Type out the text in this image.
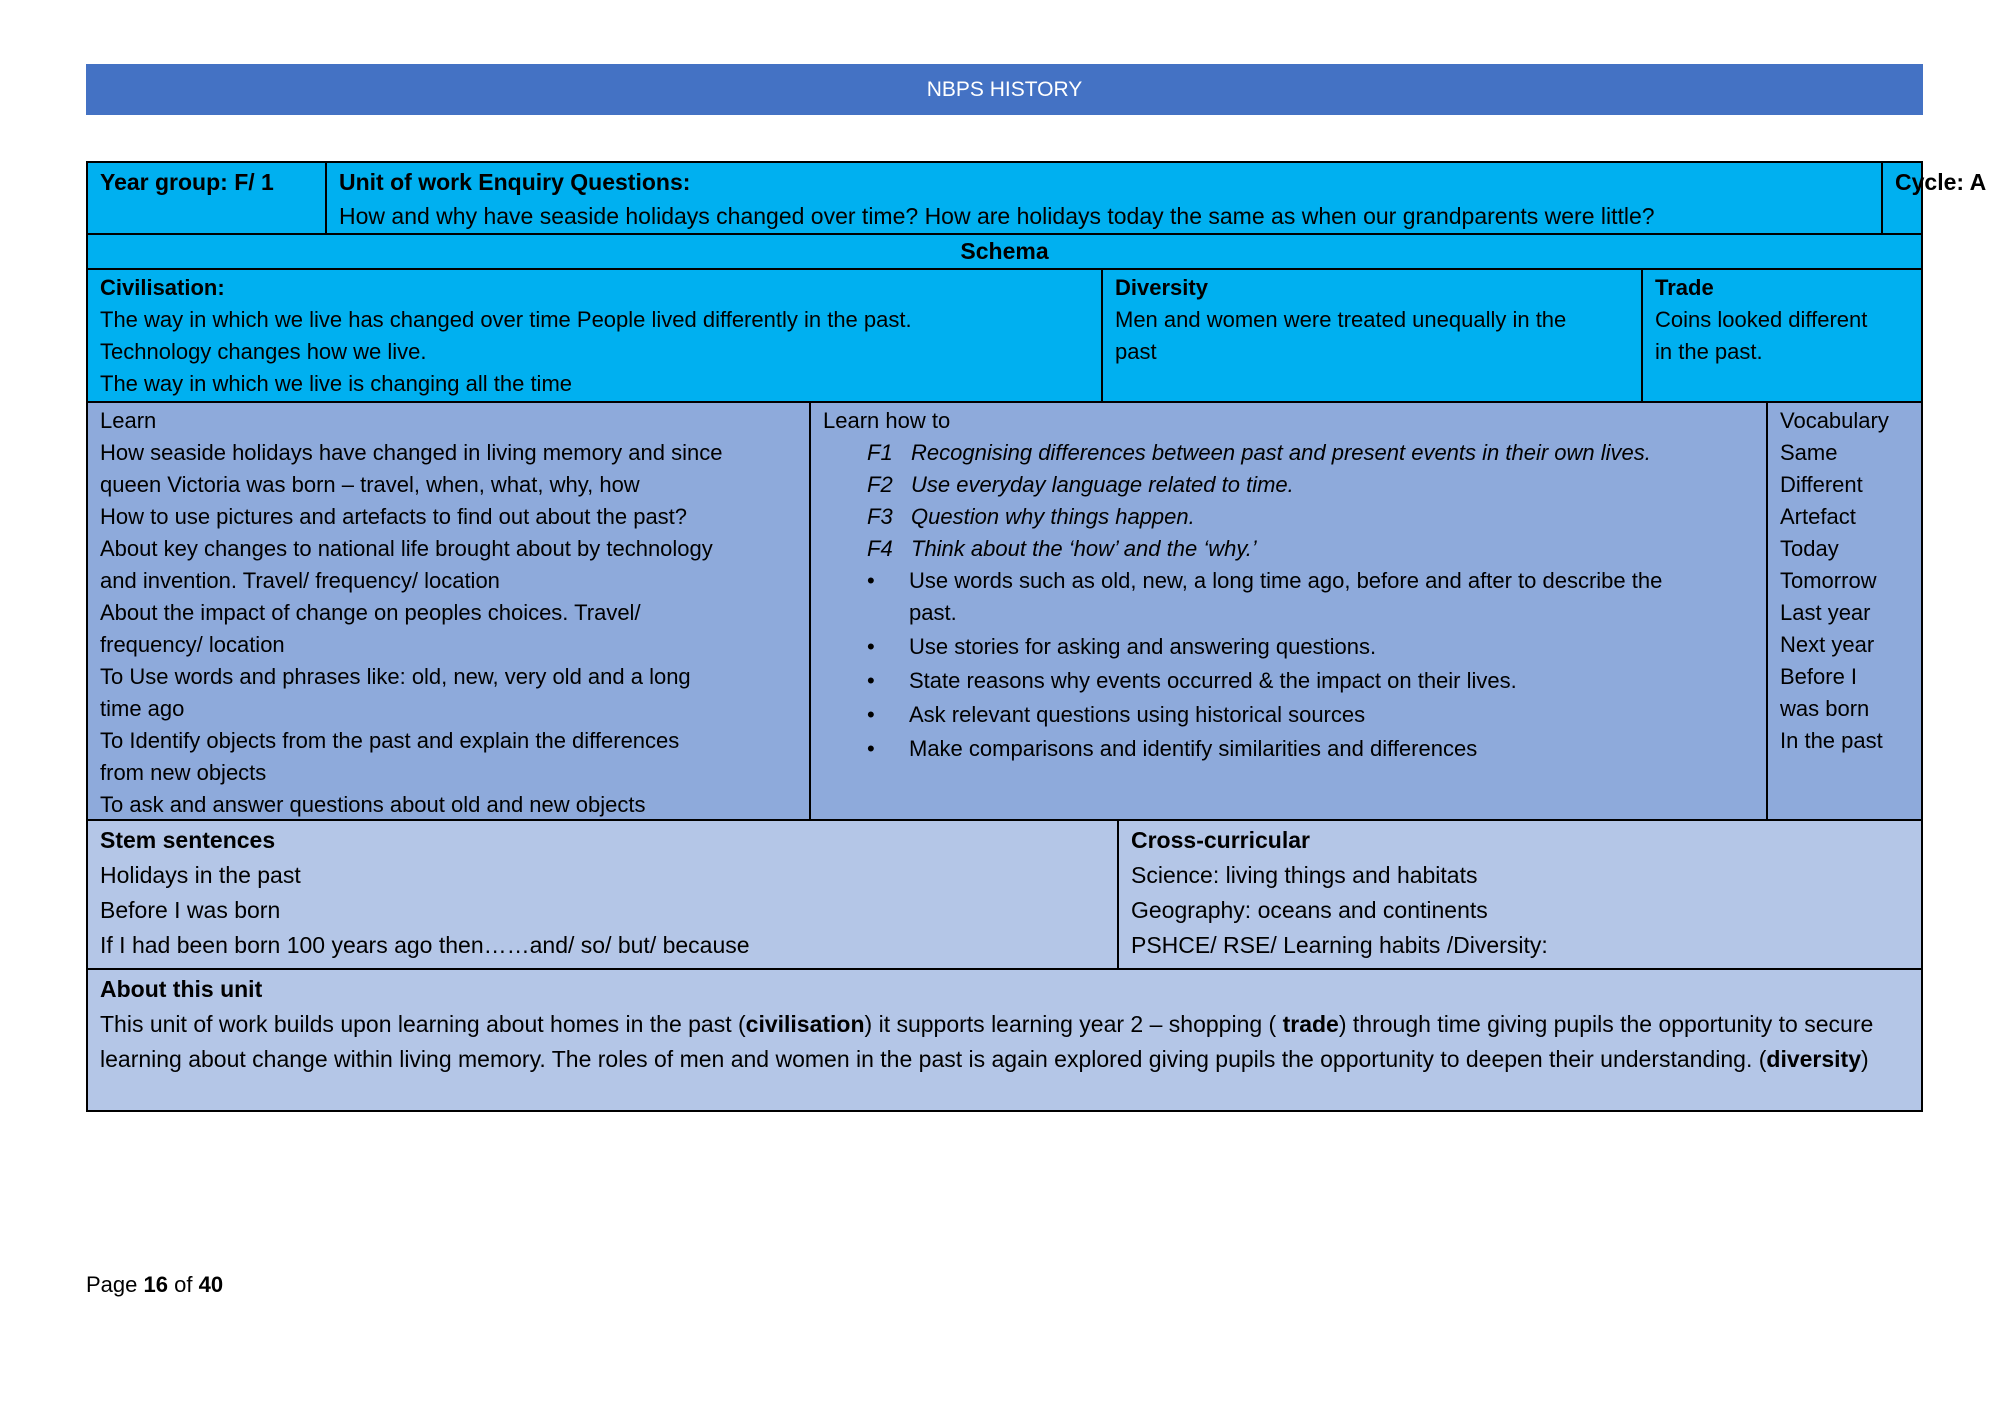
NBPS HISTORY
Year group: F/ 1	Unit of work Enquiry Questions:
How and why have seaside holidays changed over time? How are holidays today the same as when our grandparents were little?
Cycle: A
Schema
Civilisation:
The way in which we live has changed over time People lived differently in the past.
Technology changes how we live.
The way in which we live is changing all the time
Diversity
Men and women were treated unequally in the
past
Trade
Coins looked different
in the past.
Learn
How seaside holidays have changed in living memory and since
queen Victoria was born – travel, when, what, why, how
How to use pictures and artefacts to find out about the past?
About key changes to national life brought about by technology
and invention. Travel/ frequency/ location
About the impact of change on peoples choices. Travel/
frequency/ location
To Use words and phrases like: old, new, very old and a long
time ago
To Identify objects from the past and explain the differences
from new objects
To ask and answer questions about old and new objects
Learn how to
F1 Recognising differences between past and present events in their own lives.
F2 Use everyday language related to time.
F3 Question why things happen.
F4 Think about the ‘how’ and the ‘why.’
• Use words such as old, new, a long time ago, before and after to describe the
past.
• Use stories for asking and answering questions.
• State reasons why events occurred & the impact on their lives.
• Ask relevant questions using historical sources
• Make comparisons and identify similarities and differences
Vocabulary
Same
Different
Artefact
Today
Tomorrow
Last year
Next year
Before I
was born
In the past
Stem sentences
Holidays in the past
Before I was born
If I had been born 100 years ago then……and/ so/ but/ because
Cross-curricular
Science: living things and habitats
Geography: oceans and continents
PSHCE/ RSE/ Learning habits /Diversity:
About this unit
This unit of work builds upon learning about homes in the past (civilisation) it supports learning year 2 – shopping ( trade) through time giving pupils the opportunity to secure learning about change within living memory. The roles of men and women in the past is again explored giving pupils the opportunity to deepen their understanding. (diversity)
Page 16 of 40
